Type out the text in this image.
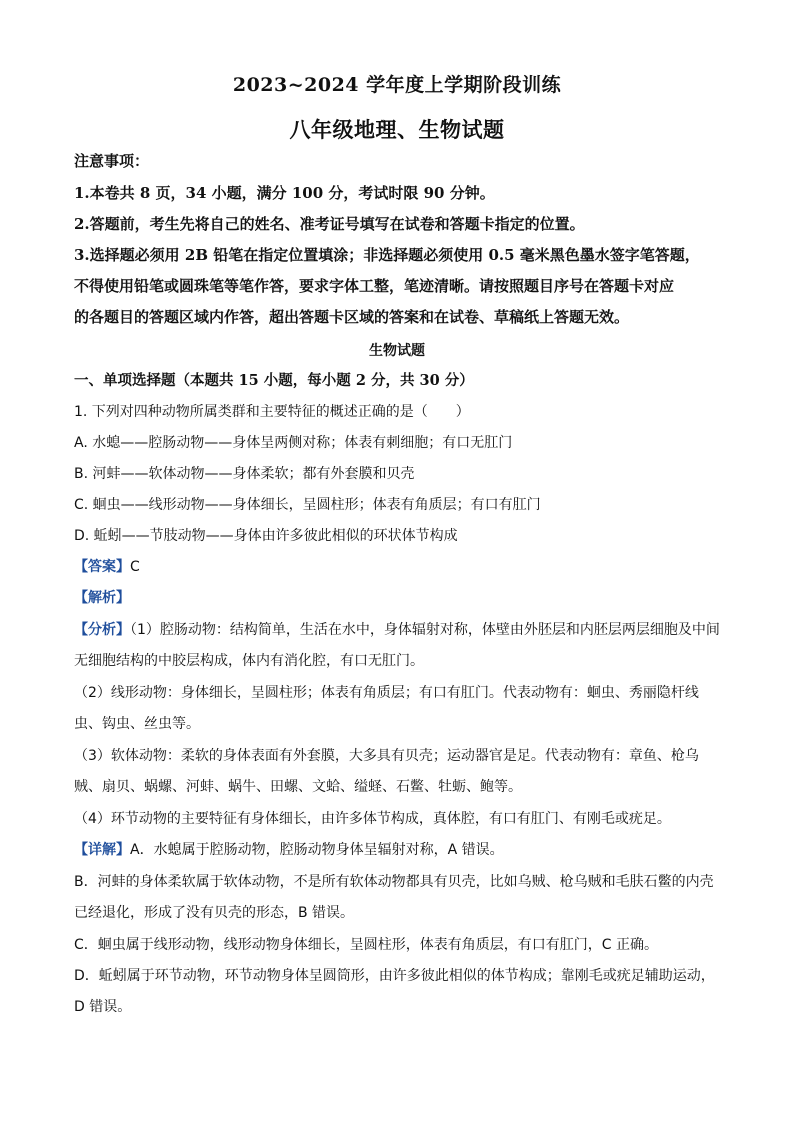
2023~2024 学年度上学期阶段训练
八年级地理、生物试题
注意事项：
1.本卷共 8 页，34 小题，满分 100 分，考试时限 90 分钟。
2.答题前，考生先将自己的姓名、准考证号填写在试卷和答题卡指定的位置。
3.选择题必须用 2B 铅笔在指定位置填涂；非选择题必须使用 0.5 毫米黑色墨水签字笔答题，
不得使用铅笔或圆珠笔等笔作答，要求字体工整，笔迹清晰。请按照题目序号在答题卡对应
的各题目的答题区域内作答，超出答题卡区域的答案和在试卷、草稿纸上答题无效。
生物试题
一、单项选择题（本题共 15 小题，每小题 2 分，共 30 分）
1. 下列对四种动物所属类群和主要特征的概述正确的是（　　）
A. 水螅——腔肠动物——身体呈两侧对称；体表有刺细胞；有口无肛门
B. 河蚌——软体动物——身体柔软；都有外套膜和贝壳
C. 蛔虫——线形动物——身体细长，呈圆柱形；体表有角质层；有口有肛门
D. 蚯蚓——节肢动物——身体由许多彼此相似的环状体节构成
【答案】C
【解析】
【分析】（1）腔肠动物：结构简单，生活在水中，身体辐射对称，体壁由外胚层和内胚层两层细胞及中间
无细胞结构的中胶层构成，体内有消化腔，有口无肛门。
（2）线形动物：身体细长，呈圆柱形；体表有角质层；有口有肛门。代表动物有：蛔虫、秀丽隐杆线
虫、钩虫、丝虫等。
（3）软体动物：柔软的身体表面有外套膜，大多具有贝壳；运动器官是足。代表动物有：章鱼、枪乌
贼、扇贝、蜗螺、河蚌、蜗牛、田螺、文蛤、缢蛏、石鳖、牡蛎、鲍等。
（4）环节动物的主要特征有身体细长，由许多体节构成，真体腔，有口有肛门、有刚毛或疣足。
【详解】A．水螅属于腔肠动物，腔肠动物身体呈辐射对称，A 错误。
B．河蚌的身体柔软属于软体动物，不是所有软体动物都具有贝壳，比如乌贼、枪乌贼和毛肤石鳖的内壳
已经退化，形成了没有贝壳的形态，B 错误。
C．蛔虫属于线形动物，线形动物身体细长，呈圆柱形，体表有角质层，有口有肛门，C 正确。
D．蚯蚓属于环节动物，环节动物身体呈圆筒形，由许多彼此相似的体节构成；靠刚毛或疣足辅助运动，
D 错误。
